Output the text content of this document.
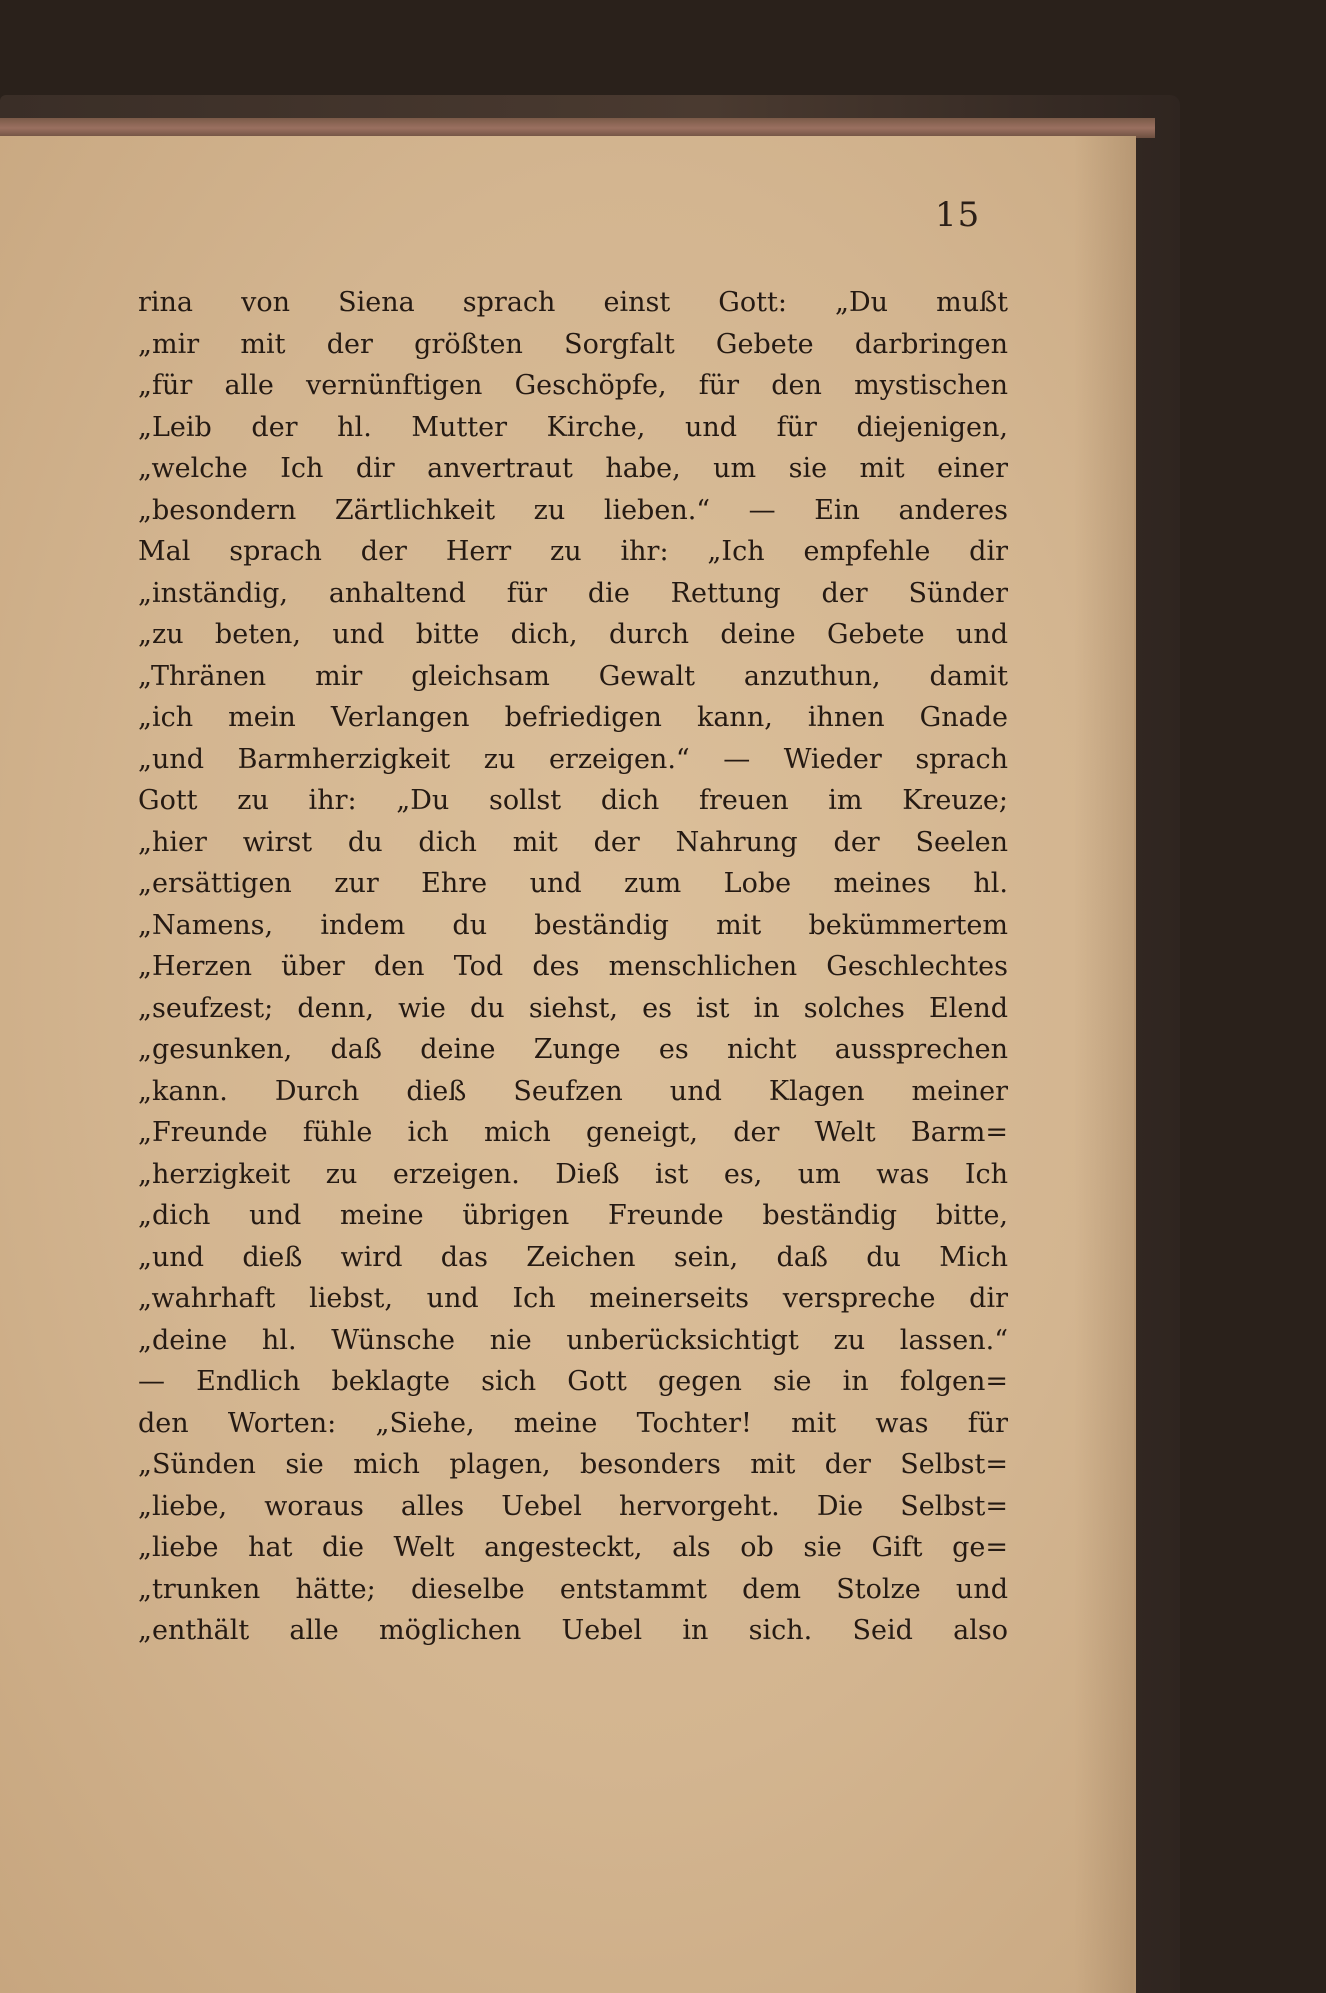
15
rina von Siena sprach einst Gott: „Du mußt
„mir mit der größten Sorgfalt Gebete darbringen
„für alle vernünftigen Geschöpfe, für den mystischen
„Leib der hl. Mutter Kirche, und für diejenigen,
„welche Ich dir anvertraut habe, um sie mit einer
„besondern Zärtlichkeit zu lieben.“ — Ein anderes
Mal sprach der Herr zu ihr: „Ich empfehle dir
„inständig, anhaltend für die Rettung der Sünder
„zu beten, und bitte dich, durch deine Gebete und
„Thränen mir gleichsam Gewalt anzuthun, damit
„ich mein Verlangen befriedigen kann, ihnen Gnade
„und Barmherzigkeit zu erzeigen.“ — Wieder sprach
Gott zu ihr: „Du sollst dich freuen im Kreuze;
„hier wirst du dich mit der Nahrung der Seelen
„ersättigen zur Ehre und zum Lobe meines hl.
„Namens, indem du beständig mit bekümmertem
„Herzen über den Tod des menschlichen Geschlechtes
„seufzest; denn, wie du siehst, es ist in solches Elend
„gesunken, daß deine Zunge es nicht aussprechen
„kann. Durch dieß Seufzen und Klagen meiner
„Freunde fühle ich mich geneigt, der Welt Barm=
„herzigkeit zu erzeigen. Dieß ist es, um was Ich
„dich und meine übrigen Freunde beständig bitte,
„und dieß wird das Zeichen sein, daß du Mich
„wahrhaft liebst, und Ich meinerseits verspreche dir
„deine hl. Wünsche nie unberücksichtigt zu lassen.“
— Endlich beklagte sich Gott gegen sie in folgen=
den Worten: „Siehe, meine Tochter! mit was für
„Sünden sie mich plagen, besonders mit der Selbst=
„liebe, woraus alles Uebel hervorgeht. Die Selbst=
„liebe hat die Welt angesteckt, als ob sie Gift ge=
„trunken hätte; dieselbe entstammt dem Stolze und
„enthält alle möglichen Uebel in sich. Seid also
